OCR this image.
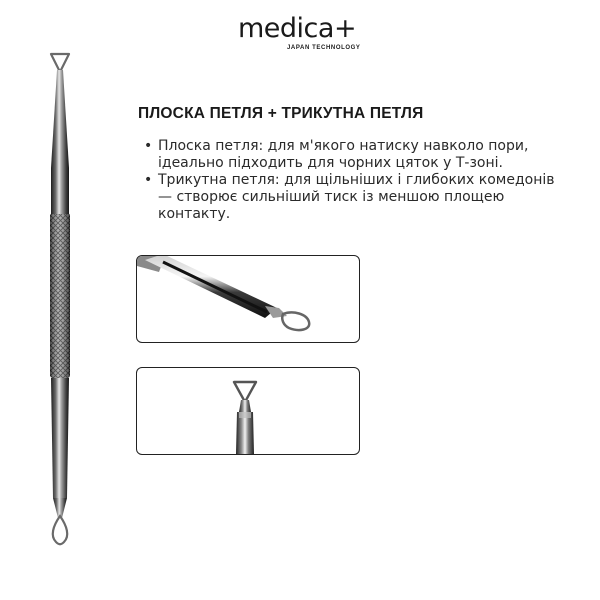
medica+
JAPAN TECHNOLOGY
ПЛОСКА ПЕТЛЯ + ТРИКУТНА ПЕТЛЯ
• Плоска петля: для м'якого натиску навколо пори, ідеально підходить для чорних цяток у Т-зоні.
• Трикутна петля: для щільніших і глибоких комедонів — створює сильніший тиск із меншою площею контакту.
